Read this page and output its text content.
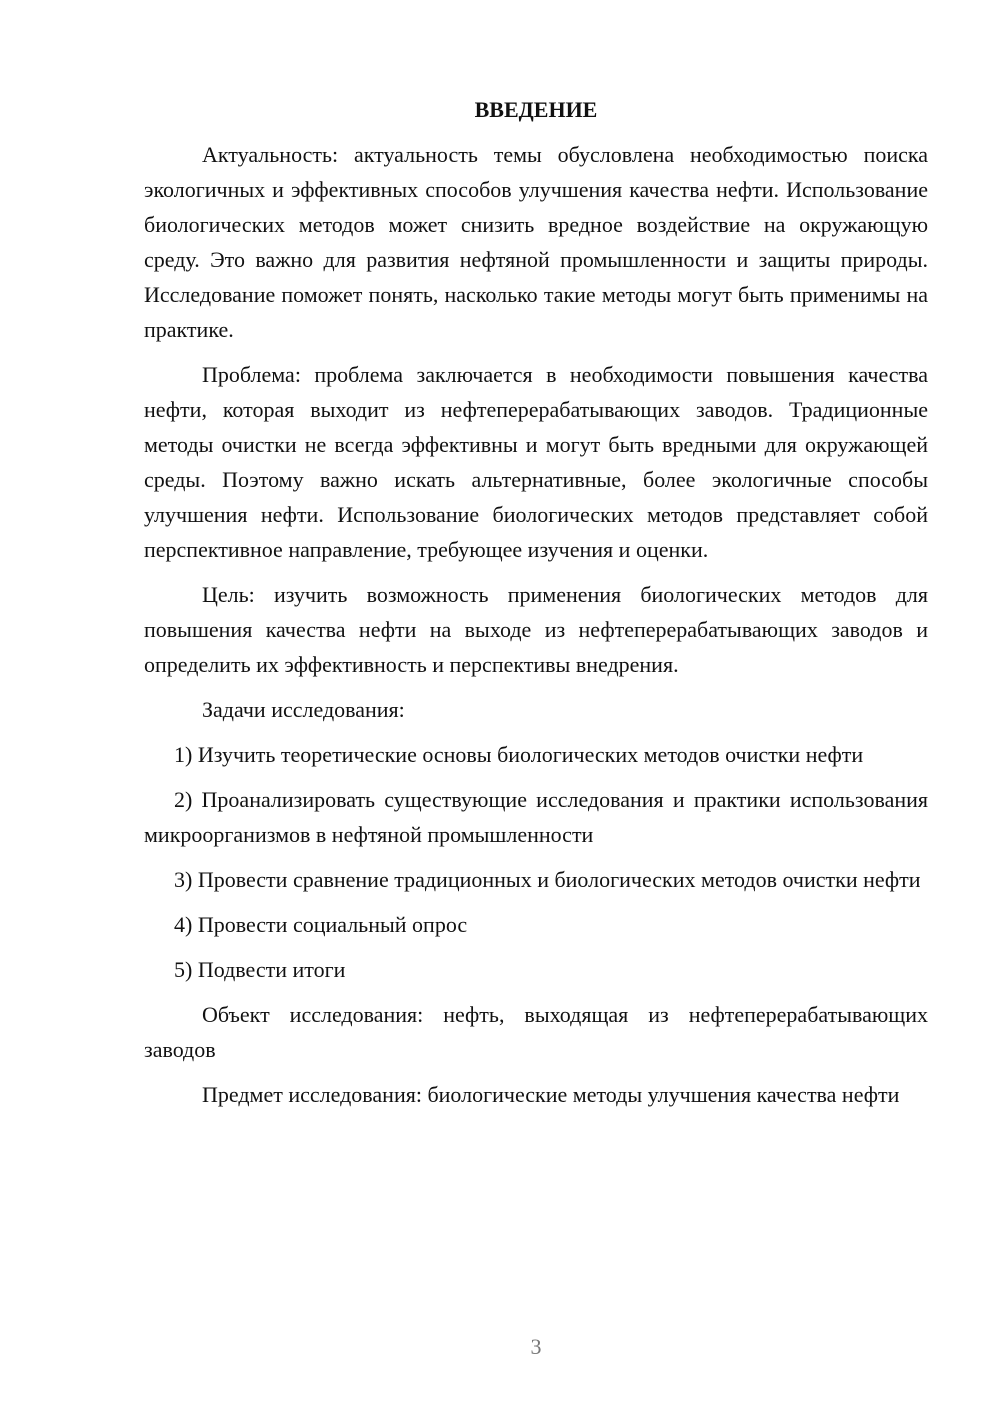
ВВЕДЕНИЕ

Актуальность: актуальность темы обусловлена необходимостью поиска экологичных и эффективных способов улучшения качества нефти. Использование биологических методов может снизить вредное воздействие на окружающую среду. Это важно для развития нефтяной промышленности и защиты природы. Исследование поможет понять, насколько такие методы могут быть применимы на практике.

Проблема: проблема заключается в необходимости повышения качества нефти, которая выходит из нефтеперерабатывающих заводов. Традиционные методы очистки не всегда эффективны и могут быть вредными для окружающей среды. Поэтому важно искать альтернативные, более экологичные способы улучшения нефти. Использование биологических методов представляет собой перспективное направление, требующее изучения и оценки.

Цель: изучить возможность применения биологических методов для повышения качества нефти на выходе из нефтеперерабатывающих заводов и определить их эффективность и перспективы внедрения.

Задачи исследования:

1) Изучить теоретические основы биологических методов очистки нефти

2) Проанализировать существующие исследования и практики использования микроорганизмов в нефтяной промышленности

3) Провести сравнение традиционных и биологических методов очистки нефти

4) Провести социальный опрос

5) Подвести итоги

Объект исследования: нефть, выходящая из нефтеперерабатывающих заводов

Предмет исследования: биологические методы улучшения качества нефти

3
